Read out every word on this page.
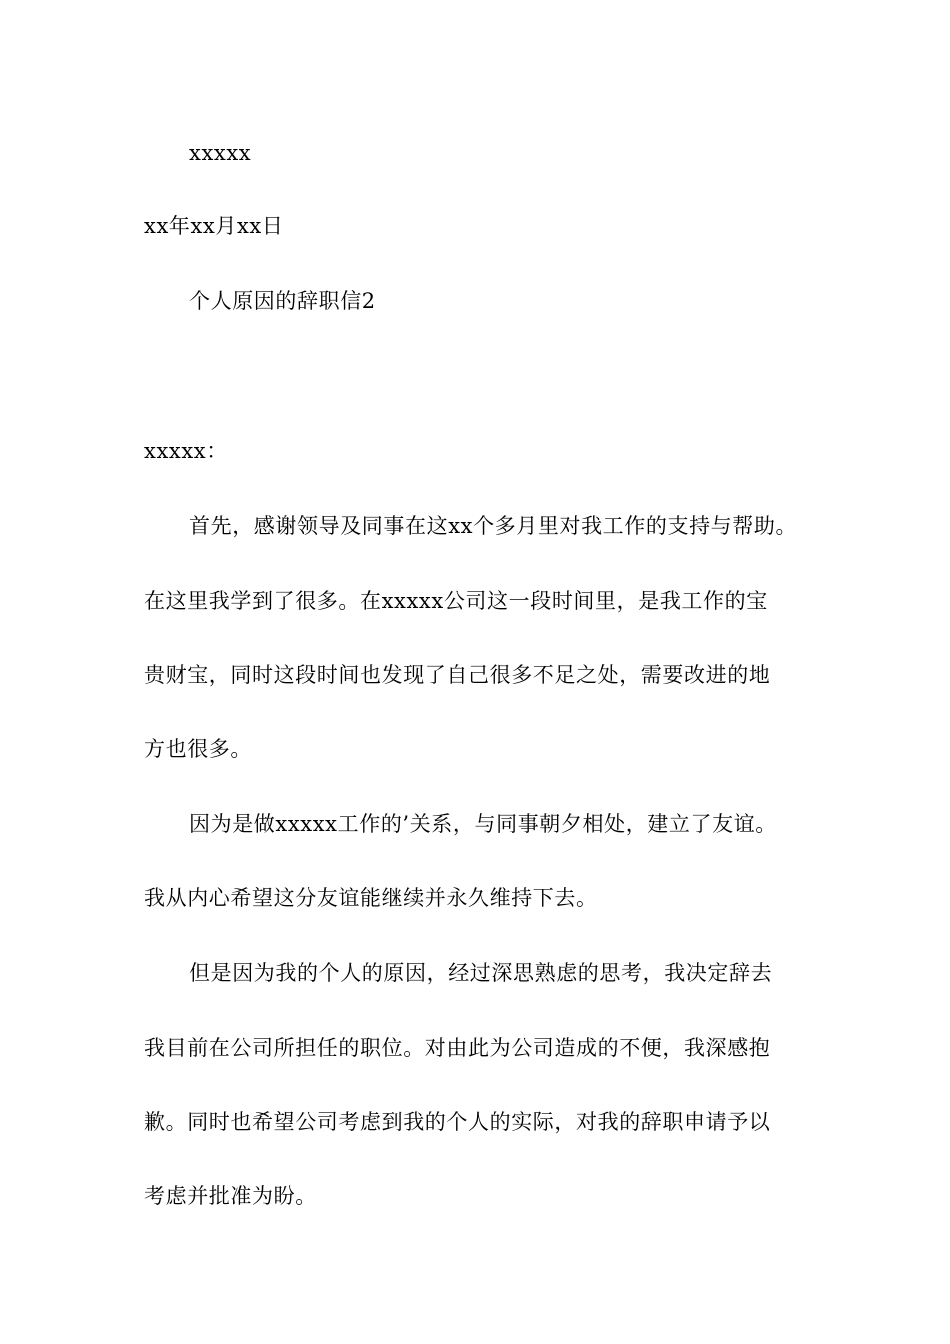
xxxxx
xx年xx月xx日
个人原因的辞职信2
xxxxx：
首先，感谢领导及同事在这xx个多月里对我工作的支持与帮助。
在这里我学到了很多。在xxxxx公司这一段时间里，是我工作的宝
贵财宝，同时这段时间也发现了自己很多不足之处，需要改进的地
方也很多。
因为是做xxxxx工作的’关系，与同事朝夕相处，建立了友谊。
我从内心希望这分友谊能继续并永久维持下去。
但是因为我的个人的原因，经过深思熟虑的思考，我决定辞去
我目前在公司所担任的职位。对由此为公司造成的不便，我深感抱
歉。同时也希望公司考虑到我的个人的实际，对我的辞职申请予以
考虑并批准为盼。
